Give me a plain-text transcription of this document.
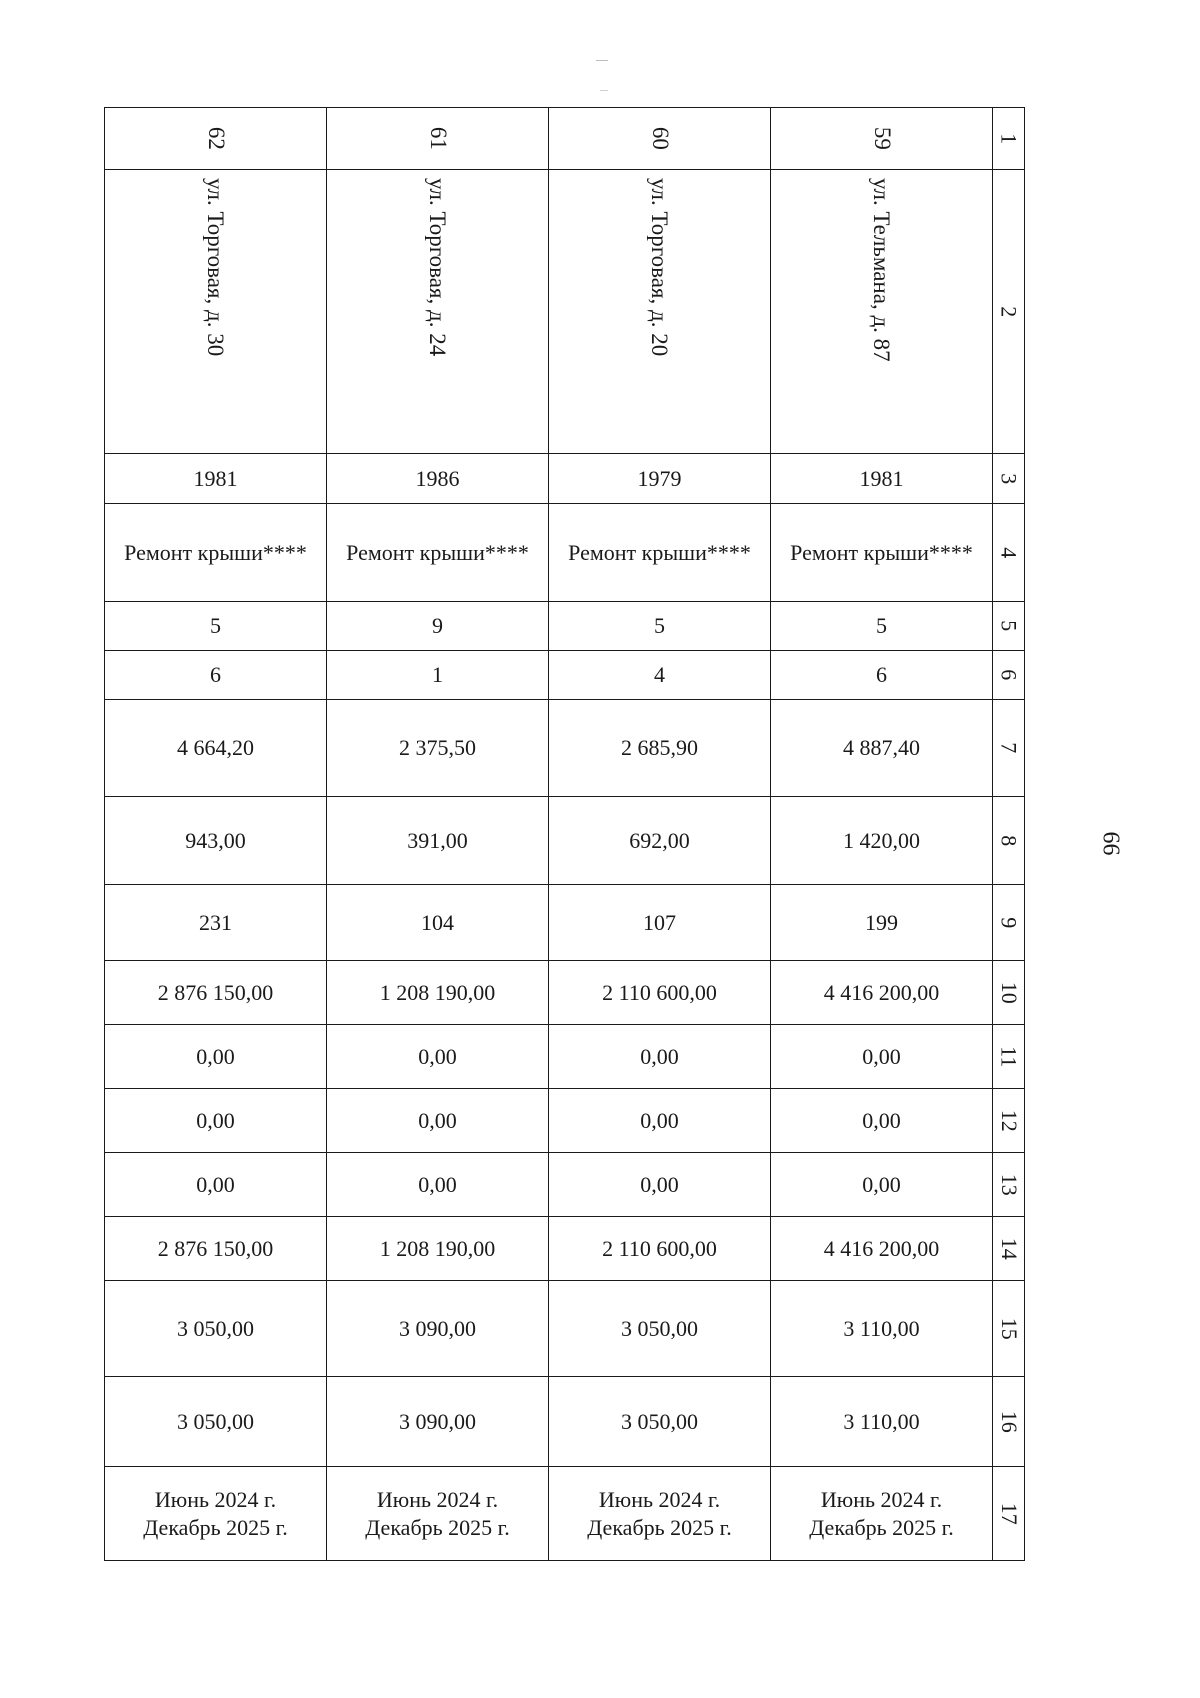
62	61	60	59	1

ул. Торговая, д. 30	ул. Торговая, д. 24	ул. Торговая, д. 20	ул. Тельмана, д. 87	2
1981	1986	1979	1981	3
Ремонт крыши****	Ремонт крыши****	Ремонт крыши****	Ремонт крыши****	4
5	9	5	5	5
6	1	4	6	6
4 664,20	2 375,50	2 685,90	4 887,40	7
943,00	391,00	692,00	1 420,00	8
231	104	107	199	9
2 876 150,00	1 208 190,00	2 110 600,00	4 416 200,00	10
0,00	0,00	0,00	0,00	11
0,00	0,00	0,00	0,00	12
0,00	0,00	0,00	0,00	13
2 876 150,00	1 208 190,00	2 110 600,00	4 416 200,00	14
3 050,00	3 090,00	3 050,00	3 110,00	15
3 050,00	3 090,00	3 050,00	3 110,00	16

Июнь 2024 г.
Декабрь 2025 г.	Июнь 2024 г.
Декабрь 2025 г.	Июнь 2024 г.
Декабрь 2025 г.	Июнь 2024 г.
Декабрь 2025 г.	17
66
